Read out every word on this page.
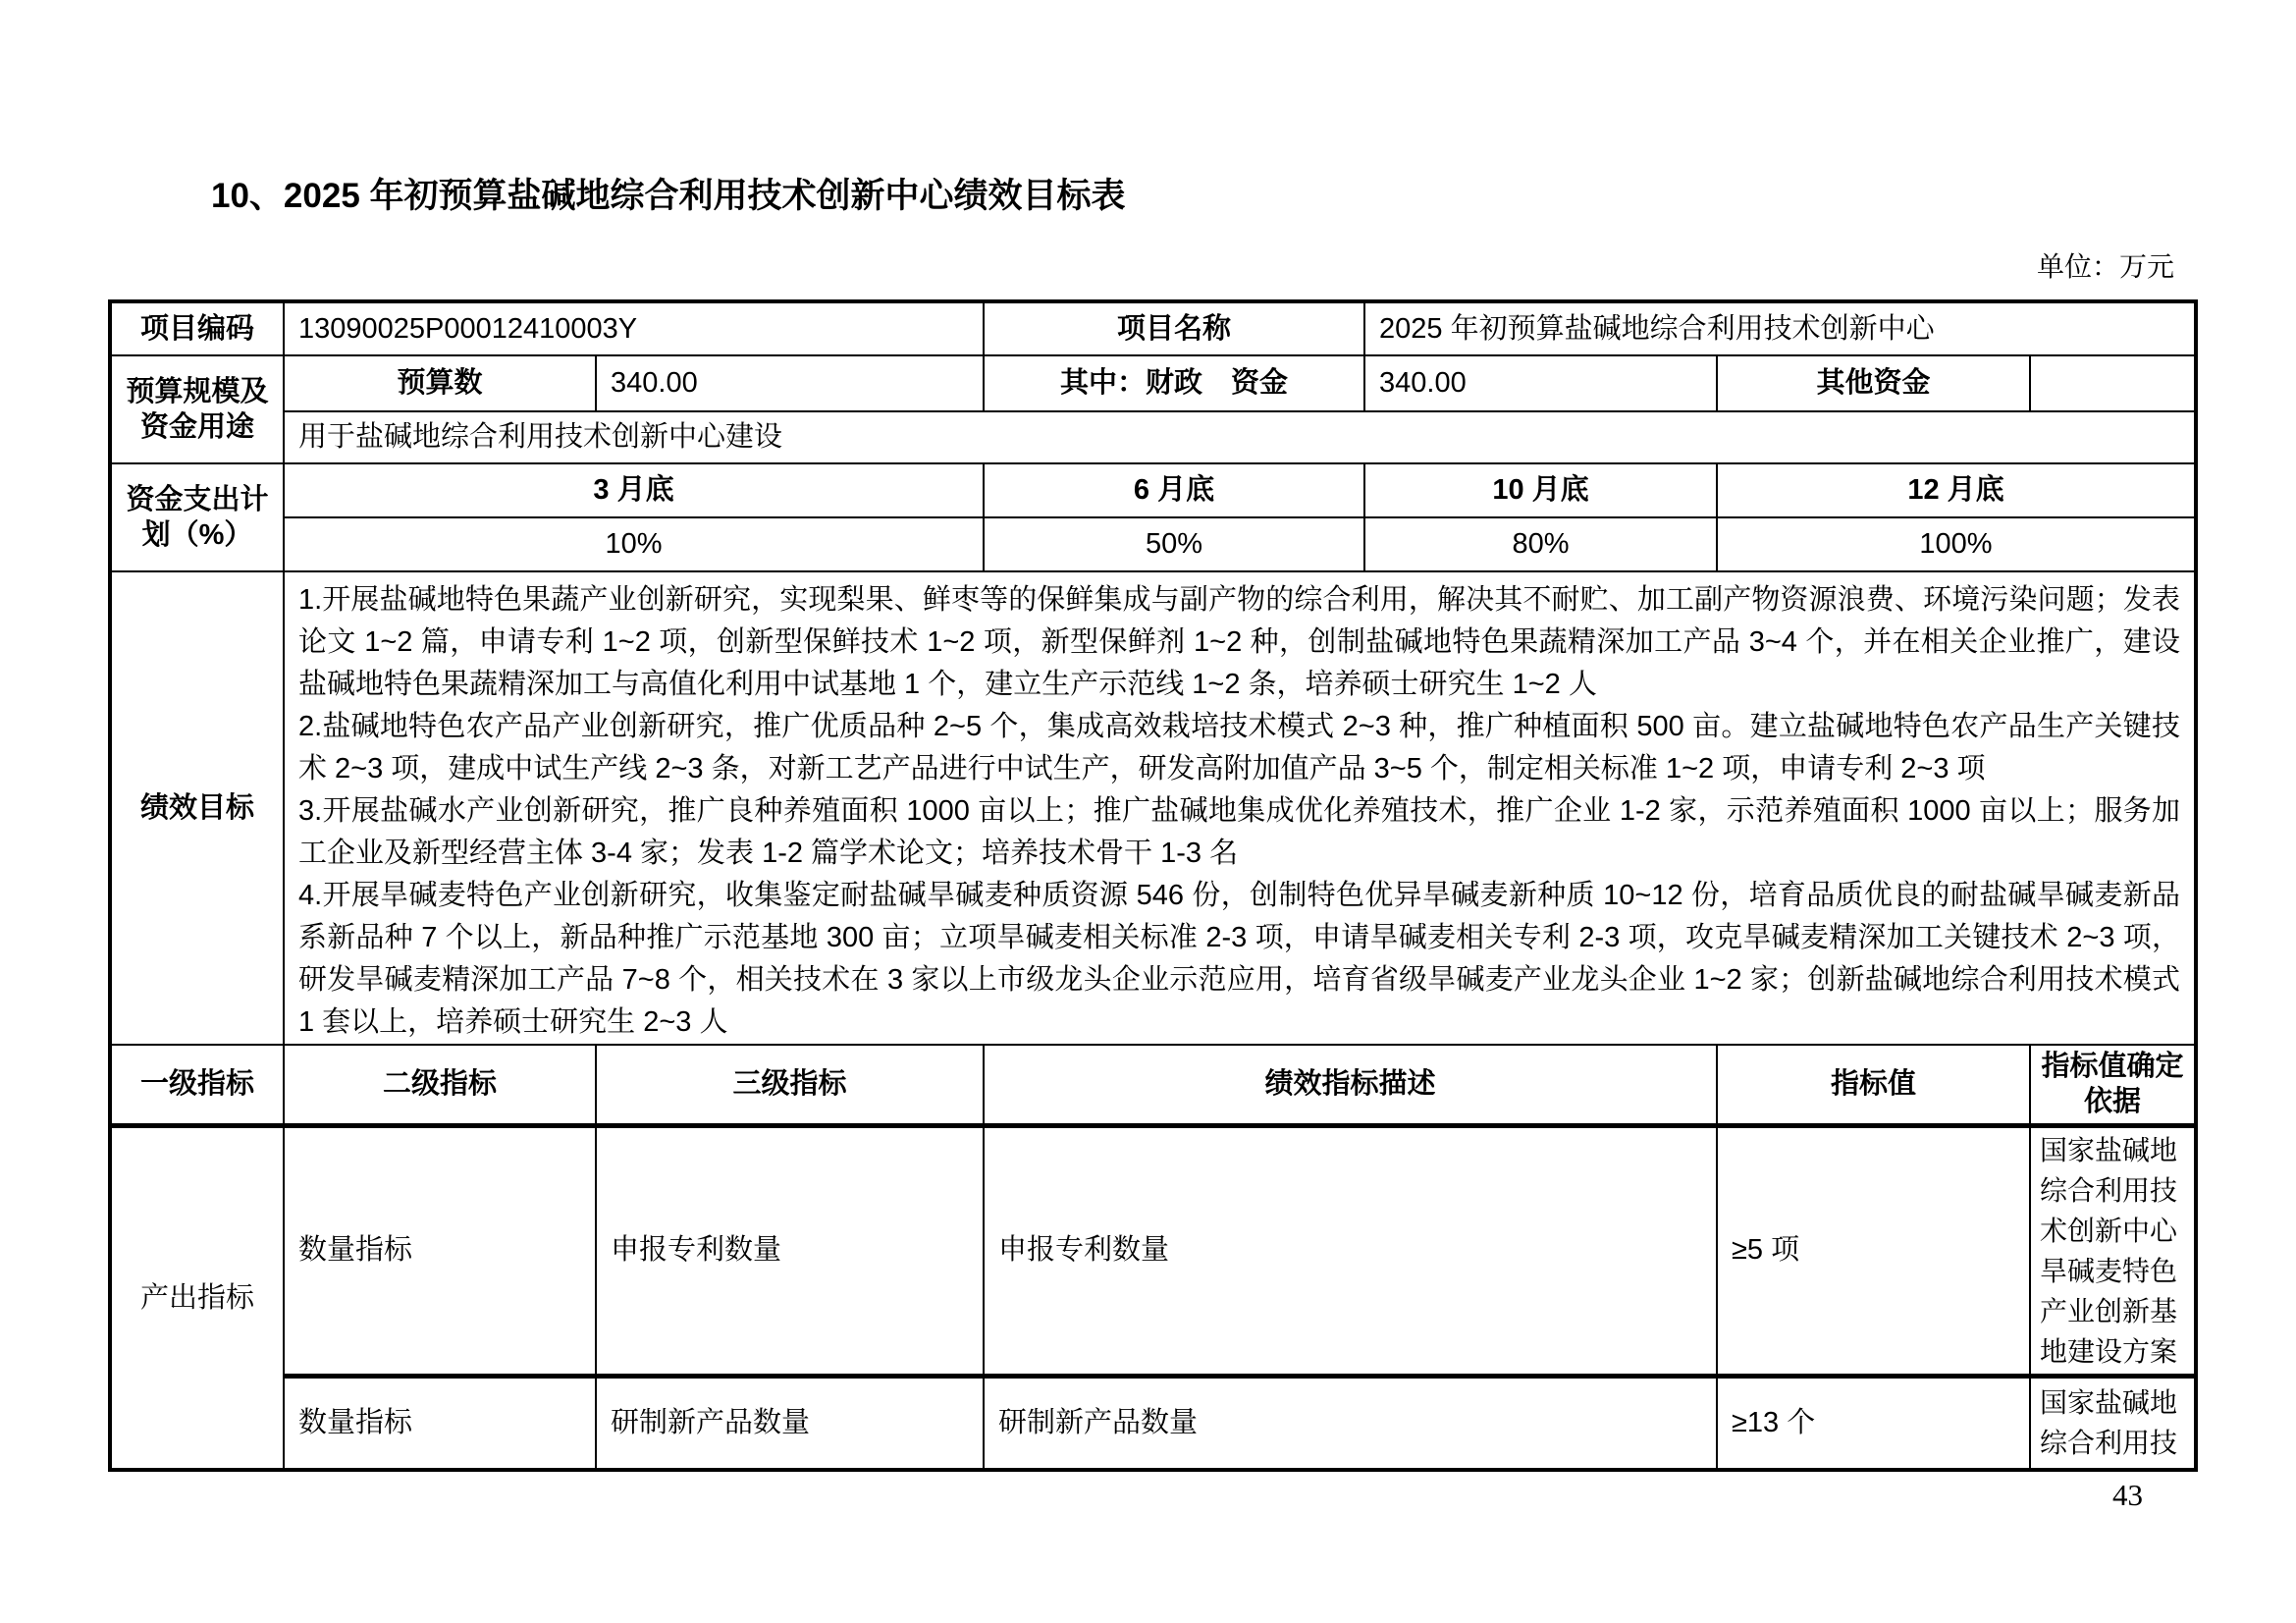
10、2025 年初预算盐碱地综合利用技术创新中心绩效目标表
单位：万元
项目编码	13090025P00012410003Y		项目名称	2025 年初预算盐碱地综合利用技术创新中心		
预算规模及资金用途	预算数	340.00	其中：财政　资金	340.00	其他资金	
	用于盐碱地综合利用技术创新中心建设					
资金支出计划（%）	3 月底		6 月底	10 月底	12 月底	
	10%		50%	80%	100%	
绩效目标	1.开展盐碱地特色果蔬产业创新研究，实现梨果、鲜枣等的保鲜集成与副产物的综合利用，解决其不耐贮、加工副产物资源浪费、环境污染问题；发表论文 1~2 篇，申请专利 1~2 项，创新型保鲜技术 1~2 项，新型保鲜剂 1~2 种，创制盐碱地特色果蔬精深加工产品 3~4 个，并在相关企业推广，建设盐碱地特色果蔬精深加工与高值化利用中试基地 1 个，建立生产示范线 1~2 条，培养硕士研究生 1~2 人
2.盐碱地特色农产品产业创新研究，推广优质品种 2~5 个，集成高效栽培技术模式 2~3 种，推广种植面积 500 亩。建立盐碱地特色农产品生产关键技术 2~3 项，建成中试生产线 2~3 条，对新工艺产品进行中试生产，研发高附加值产品 3~5 个，制定相关标准 1~2 项，申请专利 2~3 项
3.开展盐碱水产业创新研究，推广良种养殖面积 1000 亩以上；推广盐碱地集成优化养殖技术，推广企业 1-2 家，示范养殖面积 1000 亩以上；服务加工企业及新型经营主体 3-4 家；发表 1-2 篇学术论文；培养技术骨干 1-3 名
4.开展旱碱麦特色产业创新研究，收集鉴定耐盐碱旱碱麦种质资源 546 份，创制特色优异旱碱麦新种质 10~12 份，培育品质优良的耐盐碱旱碱麦新品系新品种 7 个以上，新品种推广示范基地 300 亩；立项旱碱麦相关标准 2-3 项，申请旱碱麦相关专利 2-3 项，攻克旱碱麦精深加工关键技术 2~3 项，研发旱碱麦精深加工产品 7~8 个，相关技术在 3 家以上市级龙头企业示范应用，培育省级旱碱麦产业龙头企业 1~2 家；创新盐碱地综合利用技术模式 1 套以上，培养硕士研究生 2~3 人					

一级指标	二级指标	三级指标	绩效指标描述		指标值	指标值确定依据
产出指标	数量指标	申报专利数量	申报专利数量		≥5 项	国家盐碱地综合利用技术创新中心旱碱麦特色产业创新基地建设方案
	数量指标	研制新产品数量	研制新产品数量		≥13 个	国家盐碱地综合利用技
43
